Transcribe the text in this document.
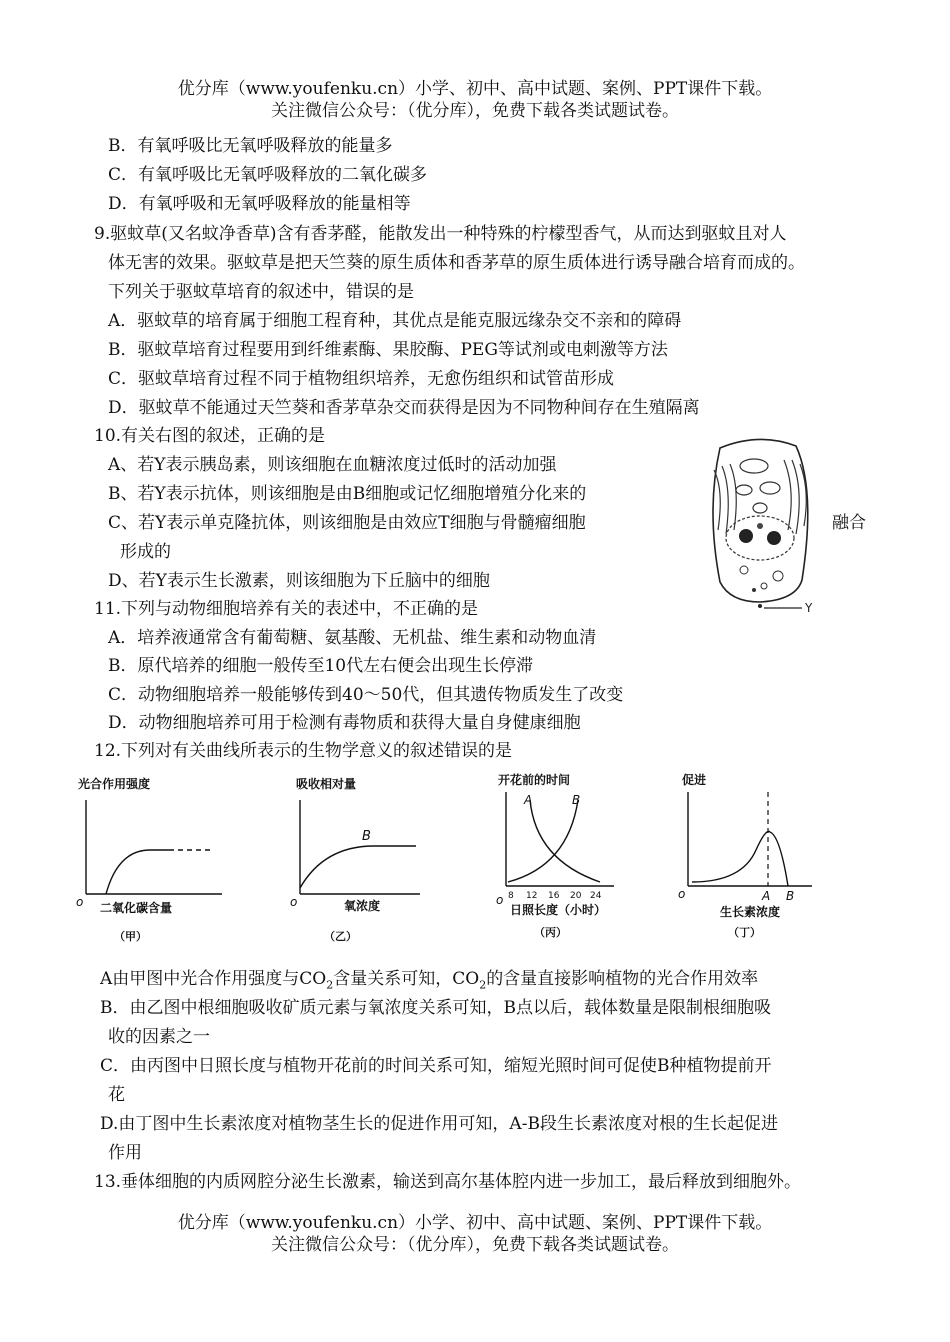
优分库（www.youfenku.cn）小学、初中、高中试题、案例、PPT课件下载。
关注微信公众号：（优分库），免费下载各类试题试卷。
B．有氧呼吸比无氧呼吸释放的能量多
C．有氧呼吸比无氧呼吸释放的二氧化碳多
D．有氧呼吸和无氧呼吸释放的能量相等
9.驱蚊草(又名蚊净香草)含有香茅醛，能散发出一种特殊的柠檬型香气，从而达到驱蚊且对人
体无害的效果。驱蚊草是把天竺葵的原生质体和香茅草的原生质体进行诱导融合培育而成的。
下列关于驱蚊草培育的叙述中，错误的是
A．驱蚊草的培育属于细胞工程育种，其优点是能克服远缘杂交不亲和的障碍
B．驱蚊草培育过程要用到纤维素酶、果胶酶、PEG等试剂或电刺激等方法
C．驱蚊草培育过程不同于植物组织培养，无愈伤组织和试管苗形成
D．驱蚊草不能通过天竺葵和香茅草杂交而获得是因为不同物种间存在生殖隔离
10.有关右图的叙述，正确的是
A、若Y表示胰岛素，则该细胞在血糖浓度过低时的活动加强
B、若Y表示抗体，则该细胞是由B细胞或记忆细胞增殖分化来的
C、若Y表示单克隆抗体，则该细胞是由效应T细胞与骨髓瘤细胞	融合
形成的
D、若Y表示生长激素，则该细胞为下丘脑中的细胞
Y
11.下列与动物细胞培养有关的表述中，不正确的是
A．培养液通常含有葡萄糖、氨基酸、无机盐、维生素和动物血清
B．原代培养的细胞一般传至10代左右便会出现生长停滞
C．动物细胞培养一般能够传到40～50代，但其遗传物质发生了改变
D．动物细胞培养可用于检测有毒物质和获得大量自身健康细胞
12.下列对有关曲线所表示的生物学意义的叙述错误的是
光合作用强度
o 二氧化碳含量
（甲）
吸收相对量
B
o	氧浓度
（乙）
开花前的时间
A	B
o 8 12 16 20 24
日照长度（小时）
（丙）
促进
A B
o
生长素浓度
（丁）
A由甲图中光合作用强度与$CO_2$含量关系可知，$CO_2$的含量直接影响植物的光合作用效率
B．由乙图中根细胞吸收矿质元素与氧浓度关系可知，B点以后，载体数量是限制根细胞吸
收的因素之一
C．由丙图中日照长度与植物开花前的时间关系可知，缩短光照时间可促使B种植物提前开
花
D.由丁图中生长素浓度对植物茎生长的促进作用可知，A-B段生长素浓度对根的生长起促进
作用
13.垂体细胞的内质网腔分泌生长激素，输送到高尔基体腔内进一步加工，最后释放到细胞外。
优分库（www.youfenku.cn）小学、初中、高中试题、案例、PPT课件下载。
关注微信公众号：（优分库），免费下载各类试题试卷。
